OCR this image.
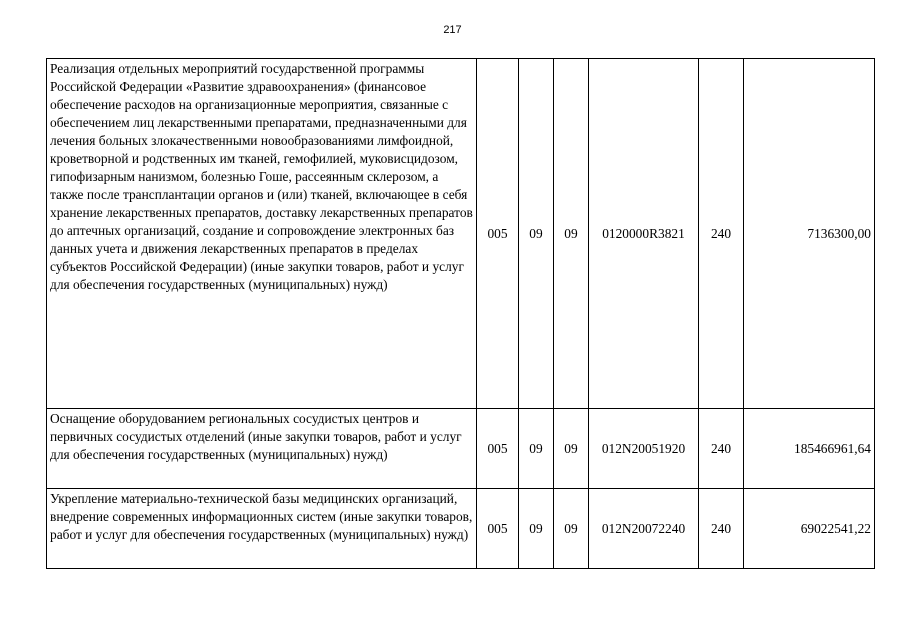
217
Реализация отдельных мероприятий государственной программы Российской Федерации «Развитие здравоохранения» (финансовое обеспечение расходов на организационные мероприятия, связанные с обеспечением лиц лекарственными препаратами, предназначенными для лечения больных злокачественными новообразованиями лимфоидной, кроветворной и родственных им тканей, гемофилией, муковисцидозом, гипофизарным нанизмом, болезнью Гоше, рассеянным склерозом, а также после трансплантации органов и (или) тканей, включающее в себя хранение лекарственных препаратов, доставку лекарственных препаратов до аптечных организаций, создание и сопровождение электронных баз данных учета и движения лекарственных препаратов в пределах субъектов Российской Федерации) (иные закупки товаров, работ и услуг для обеспечения государственных (муниципальных) нужд)	005	09	09	0120000R3821	240	7136300,00
Оснащение оборудованием региональных сосудистых центров и первичных сосудистых отделений (иные закупки товаров, работ и услуг для обеспечения государственных (муниципальных) нужд)	005	09	09	012N20051920	240	185466961,64
Укрепление материально-технической базы медицинских организаций, внедрение современных информационных систем (иные закупки товаров, работ и услуг для обеспечения государственных (муниципальных) нужд)	005	09	09	012N20072240	240	69022541,22
